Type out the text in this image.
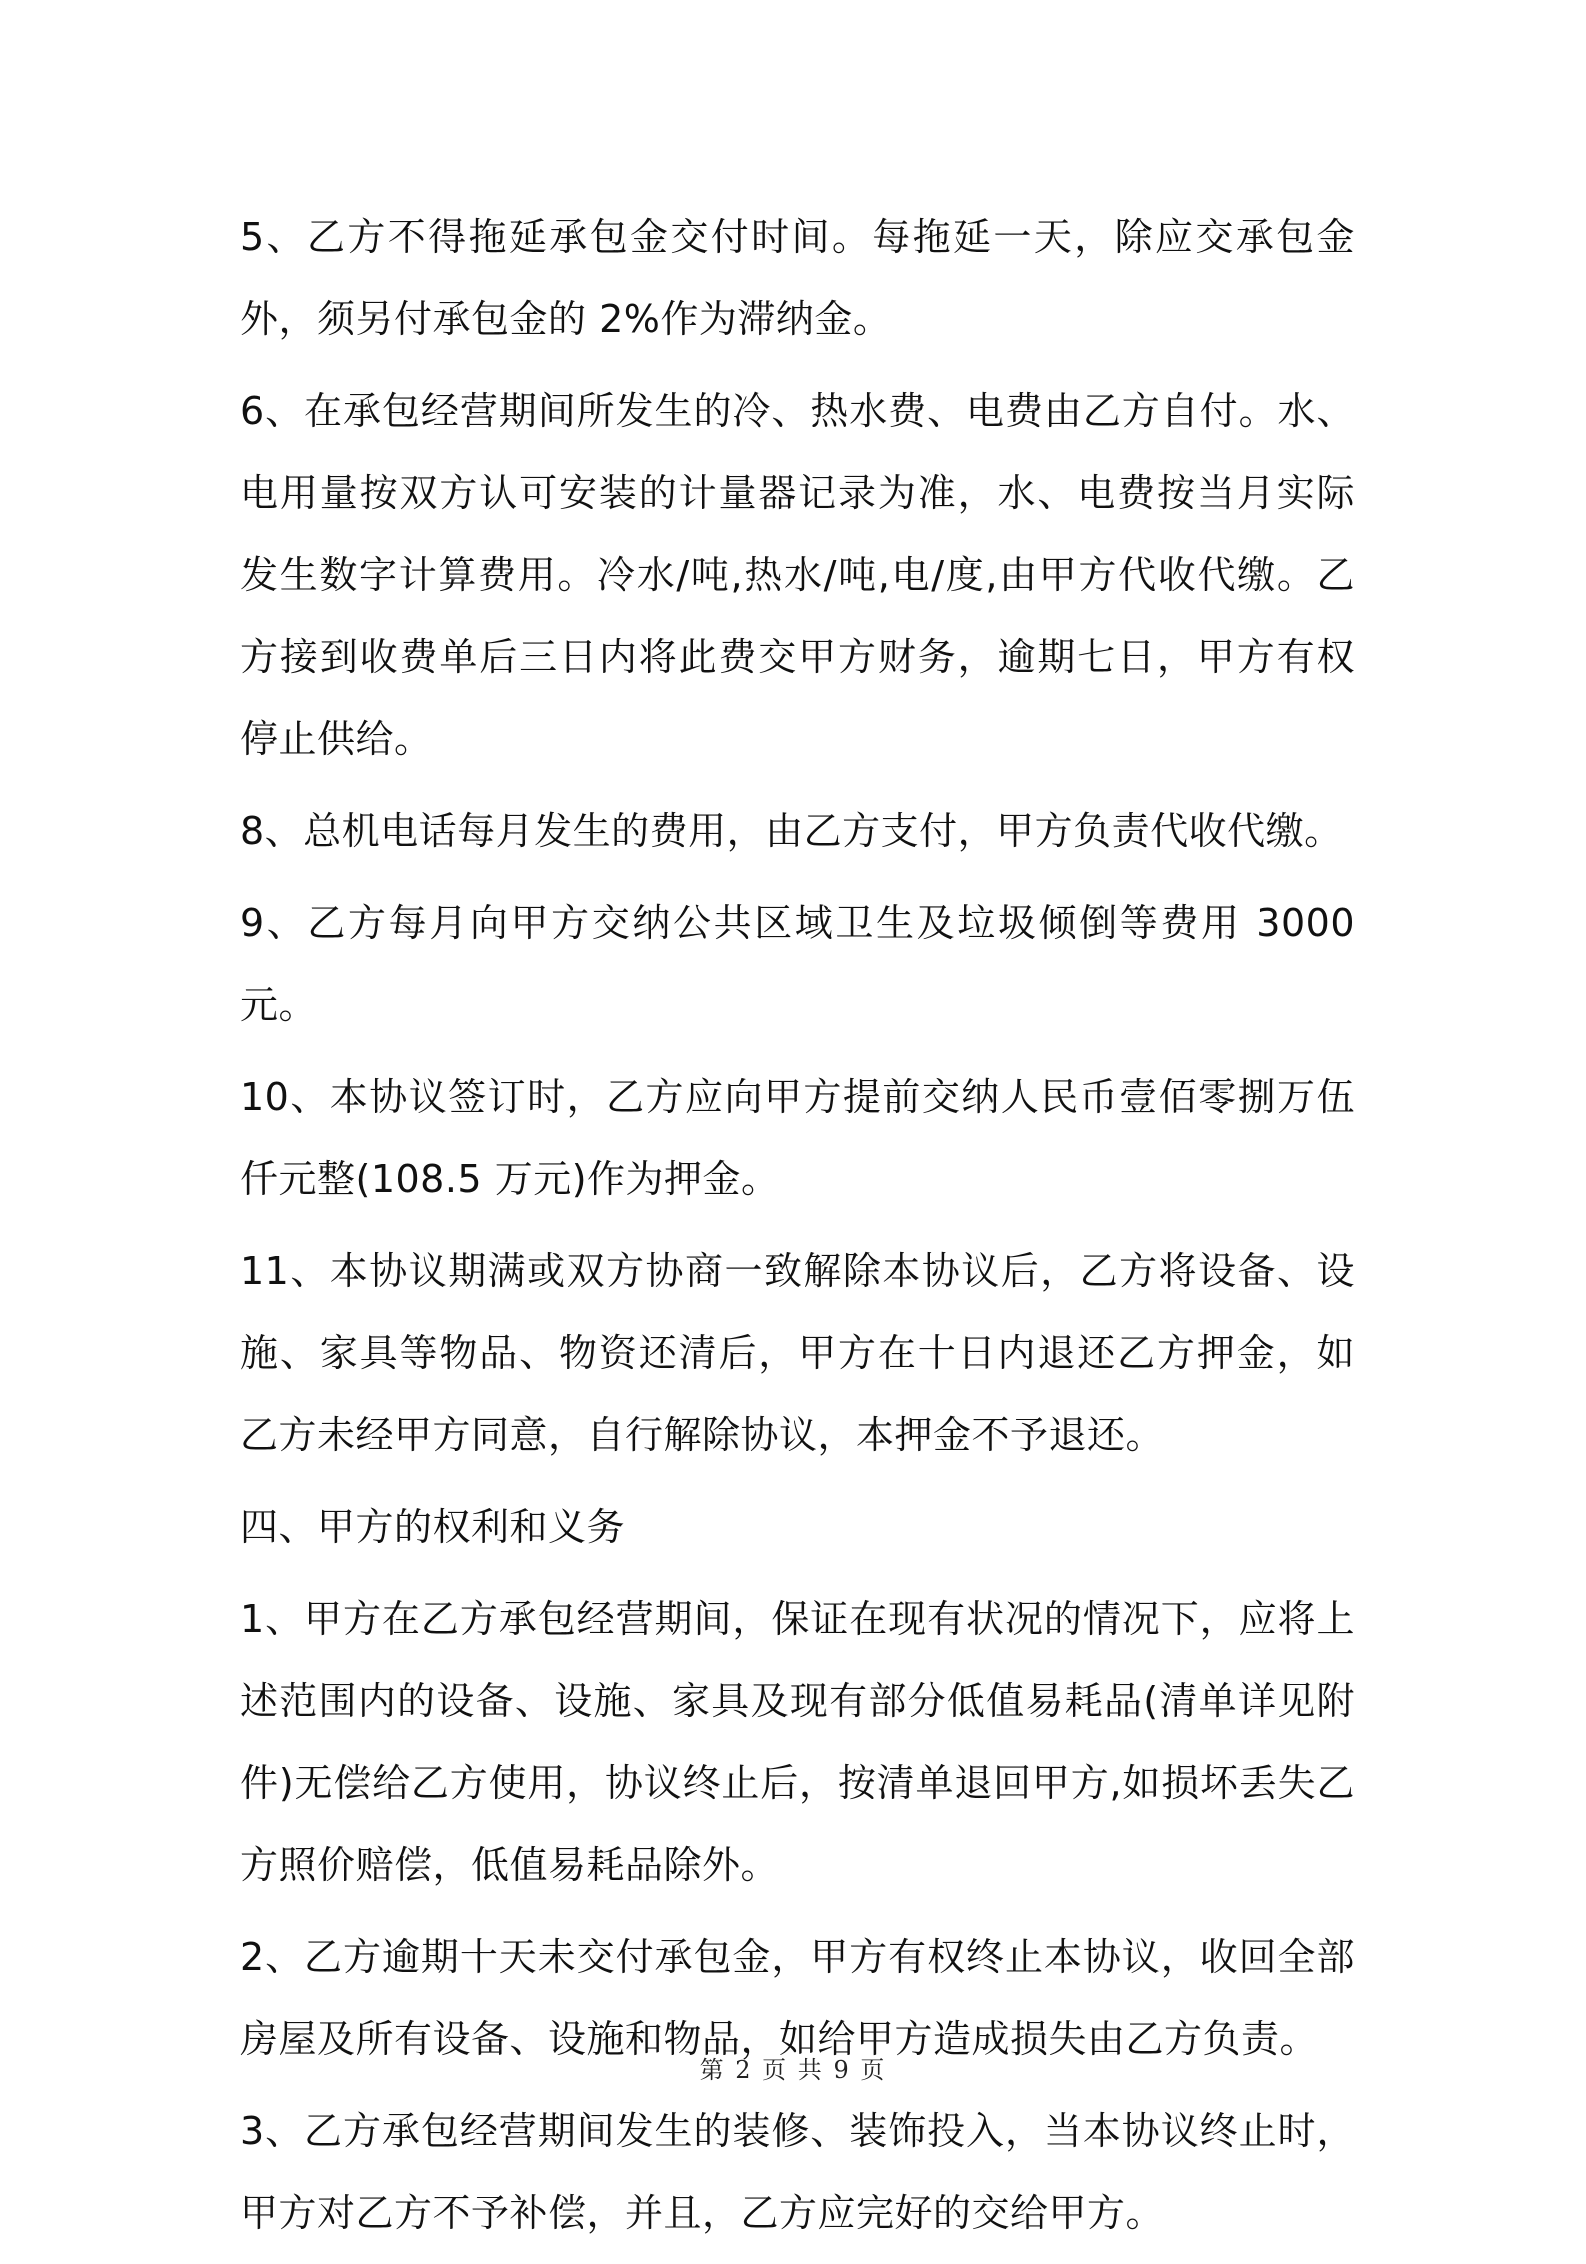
5、乙方不得拖延承包金交付时间。每拖延一天，除应交承包金外，须另付承包金的 2%作为滞纳金。

6、在承包经营期间所发生的冷、热水费、电费由乙方自付。水、电用量按双方认可安装的计量器记录为准，水、电费按当月实际发生数字计算费用。冷水/吨,热水/吨,电/度,由甲方代收代缴。乙方接到收费单后三日内将此费交甲方财务，逾期七日，甲方有权停止供给。

8、总机电话每月发生的费用，由乙方支付，甲方负责代收代缴。

9、乙方每月向甲方交纳公共区域卫生及垃圾倾倒等费用 3000 元。

10、本协议签订时，乙方应向甲方提前交纳人民币壹佰零捌万伍仟元整(108.5 万元)作为押金。

11、本协议期满或双方协商一致解除本协议后，乙方将设备、设施、家具等物品、物资还清后，甲方在十日内退还乙方押金，如乙方未经甲方同意，自行解除协议，本押金不予退还。

四、甲方的权利和义务

1、甲方在乙方承包经营期间，保证在现有状况的情况下，应将上述范围内的设备、设施、家具及现有部分低值易耗品(清单详见附件)无偿给乙方使用，协议终止后，按清单退回甲方,如损坏丢失乙方照价赔偿，低值易耗品除外。

2、乙方逾期十天未交付承包金，甲方有权终止本协议，收回全部房屋及所有设备、设施和物品，如给甲方造成损失由乙方负责。

3、乙方承包经营期间发生的装修、装饰投入，当本协议终止时，甲方对乙方不予补偿，并且，乙方应完好的交给甲方。

第 2 页 共 9 页
